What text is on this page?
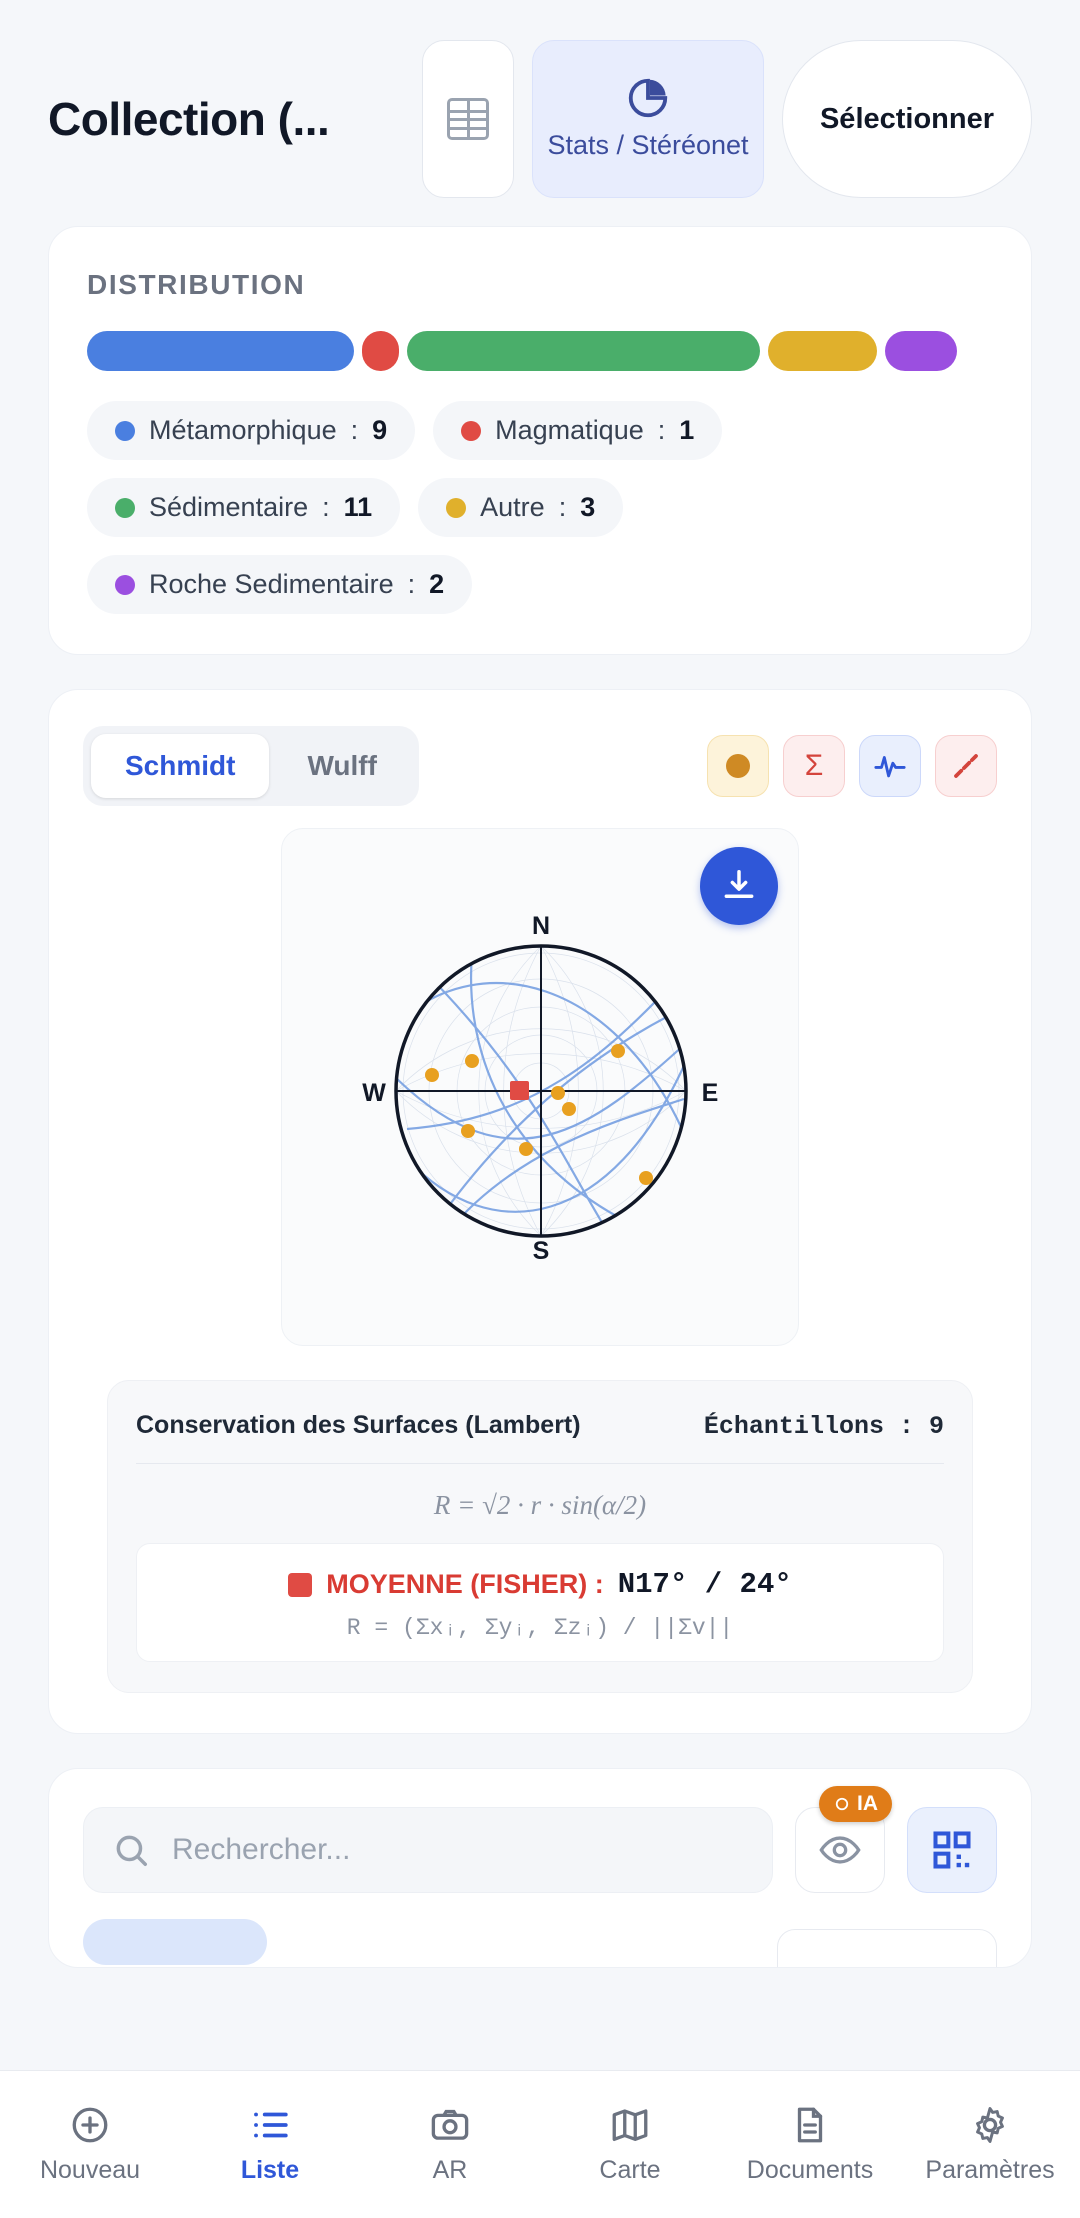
Collection (...
Stats / Stéréonet
Sélectionner
DISTRIBUTION
Métamorphique : 9	Magmatique : 1
Sédimentaire : 11	Autre : 3
Roche Sedimentaire : 2
Schmidt	Wulff	Σ
N
S
E
W
Conservation des Surfaces (Lambert)	Échantillons : 9
R = √2 · r · sin(α/2)
MOYENNE (FISHER) : N17° / 24°
R = (Σxᵢ, Σyᵢ, Σzᵢ) / ||Σv||
Rechercher...
IA
Nouveau	Liste	AR	Carte	Documents Paramètres
